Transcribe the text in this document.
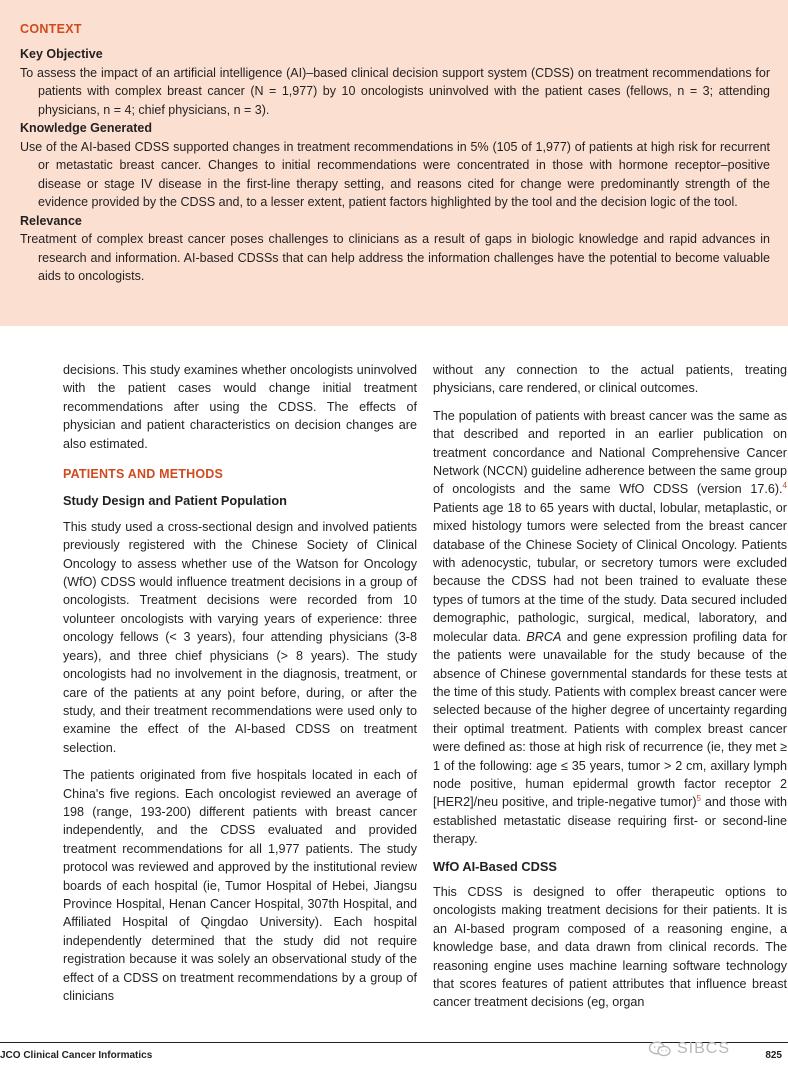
CONTEXT
Key Objective
To assess the impact of an artificial intelligence (AI)–based clinical decision support system (CDSS) on treatment recommendations for patients with complex breast cancer (N = 1,977) by 10 oncologists uninvolved with the patient cases (fellows, n = 3; attending physicians, n = 4; chief physicians, n = 3).
Knowledge Generated
Use of the AI-based CDSS supported changes in treatment recommendations in 5% (105 of 1,977) of patients at high risk for recurrent or metastatic breast cancer. Changes to initial recommendations were concentrated in those with hormone receptor–positive disease or stage IV disease in the first-line therapy setting, and reasons cited for change were predominantly strength of the evidence provided by the CDSS and, to a lesser extent, patient factors highlighted by the tool and the decision logic of the tool.
Relevance
Treatment of complex breast cancer poses challenges to clinicians as a result of gaps in biologic knowledge and rapid advances in research and information. AI-based CDSSs that can help address the information challenges have the potential to become valuable aids to oncologists.

decisions. This study examines whether oncologists uninvolved with the patient cases would change initial treatment recommendations after using the CDSS. The effects of physician and patient characteristics on decision changes are also estimated.

PATIENTS AND METHODS
Study Design and Patient Population

This study used a cross-sectional design and involved patients previously registered with the Chinese Society of Clinical Oncology to assess whether use of the Watson for Oncology (WfO) CDSS would influence treatment decisions in a group of oncologists. Treatment decisions were recorded from 10 volunteer oncologists with varying years of experience: three oncology fellows (< 3 years), four attending physicians (3-8 years), and three chief physicians (> 8 years). The study oncologists had no involvement in the diagnosis, treatment, or care of the patients at any point before, during, or after the study, and their treatment recommendations were used only to examine the effect of the AI-based CDSS on treatment selection.

The patients originated from five hospitals located in each of China's five regions. Each oncologist reviewed an average of 198 (range, 193-200) different patients with breast cancer independently, and the CDSS evaluated and provided treatment recommendations for all 1,977 patients. The study protocol was reviewed and approved by the institutional review boards of each hospital (ie, Tumor Hospital of Hebei, Jiangsu Province Hospital, Henan Cancer Hospital, 307th Hospital, and Affiliated Hospital of Qingdao University). Each hospital independently determined that the study did not require registration because it was solely an observational study of the effect of a CDSS on treatment recommendations by a group of clinicians

without any connection to the actual patients, treating physicians, care rendered, or clinical outcomes.

The population of patients with breast cancer was the same as that described and reported in an earlier publication on treatment concordance and National Comprehensive Cancer Network (NCCN) guideline adherence between the same group of oncologists and the same WfO CDSS (version 17.6).$^4$ Patients age 18 to 65 years with ductal, lobular, metaplastic, or mixed histology tumors were selected from the breast cancer database of the Chinese Society of Clinical Oncology. Patients with adenocystic, tubular, or secretory tumors were excluded because the CDSS had not been trained to evaluate these types of tumors at the time of the study. Data secured included demographic, pathologic, surgical, medical, laboratory, and molecular data. BRCA and gene expression profiling data for the patients were unavailable for the study because of the absence of Chinese governmental standards for these tests at the time of this study. Patients with complex breast cancer were selected because of the higher degree of uncertainty regarding their optimal treatment. Patients with complex breast cancer were defined as: those at high risk of recurrence (ie, they met ≥ 1 of the following: age ≤ 35 years, tumor > 2 cm, axillary lymph node positive, human epidermal growth factor receptor 2 [HER2]/neu positive, and triple-negative tumor)$^5$ and those with established metastatic disease requiring first- or second-line therapy.

WfO AI-Based CDSS

This CDSS is designed to offer therapeutic options to oncologists making treatment decisions for their patients. It is an AI-based program composed of a reasoning engine, a knowledge base, and data drawn from clinical records. The reasoning engine uses machine learning software technology that scores features of patient attributes that influence breast cancer treatment decisions (eg, organ

JCO Clinical Cancer Informatics	SIBCS	825
